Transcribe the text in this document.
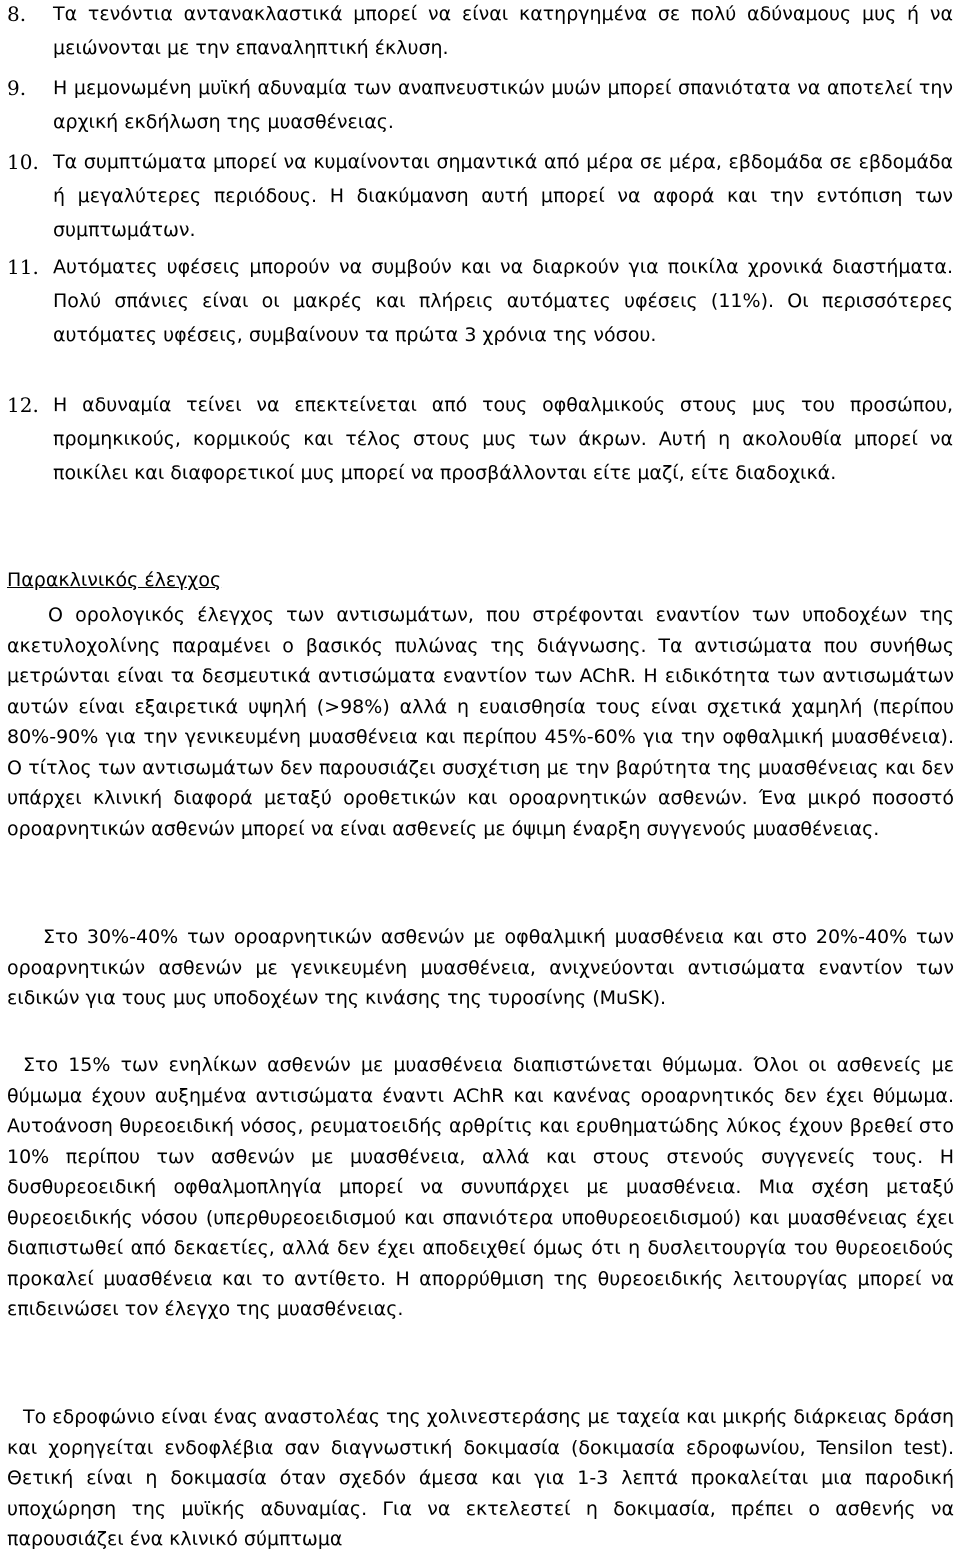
8. Τα τενόντια αντανακλαστικά μπορεί να είναι κατηργημένα σε πολύ αδύναμους μυς ή να μειώνονται με την επαναληπτική έκλυση.
9. Η μεμονωμένη μυϊκή αδυναμία των αναπνευστικών μυών μπορεί σπανιότατα να αποτελεί την αρχική εκδήλωση της μυασθένειας.
10. Τα συμπτώματα μπορεί να κυμαίνονται σημαντικά από μέρα σε μέρα, εβδομάδα σε εβδομάδα ή μεγαλύτερες περιόδους. Η διακύμανση αυτή μπορεί να αφορά και την εντόπιση των συμπτωμάτων.
11. Αυτόματες υφέσεις μπορούν να συμβούν και να διαρκούν για ποικίλα χρονικά διαστήματα. Πολύ σπάνιες είναι οι μακρές και πλήρεις αυτόματες υφέσεις (11%). Οι περισσότερες αυτόματες υφέσεις, συμβαίνουν τα πρώτα 3 χρόνια της νόσου.
12. Η αδυναμία τείνει να επεκτείνεται από τους οφθαλμικούς στους μυς του προσώπου, προμηκικούς, κορμικούς και τέλος στους μυς των άκρων. Αυτή η ακολουθία μπορεί να ποικίλει και διαφορετικοί μυς μπορεί να προσβάλλονται είτε μαζί, είτε διαδοχικά.
Παρακλινικός έλεγχος
Ο ορολογικός έλεγχος των αντισωμάτων, που στρέφονται εναντίον των υποδοχέων της ακετυλοχολίνης παραμένει ο βασικός πυλώνας της διάγνωσης. Τα αντισώματα που συνήθως μετρώνται είναι τα δεσμευτικά αντισώματα εναντίον των AChR. Η ειδικότητα των αντισωμάτων αυτών είναι εξαιρετικά υψηλή (>98%) αλλά η ευαισθησία τους είναι σχετικά χαμηλή (περίπου 80%-90% για την γενικευμένη μυασθένεια και περίπου 45%-60% για την οφθαλμική μυασθένεια). Ο τίτλος των αντισωμάτων δεν παρουσιάζει συσχέτιση με την βαρύτητα της μυασθένειας και δεν υπάρχει κλινική διαφορά μεταξύ οροθετικών και οροαρνητικών ασθενών. Ένα μικρό ποσοστό οροαρνητικών ασθενών μπορεί να είναι ασθενείς με όψιμη έναρξη συγγενούς μυασθένειας.
Στο 30%-40% των οροαρνητικών ασθενών με οφθαλμική μυασθένεια και στο 20%-40% των οροαρνητικών ασθενών με γενικευμένη μυασθένεια, ανιχνεύονται αντισώματα εναντίον των ειδικών για τους μυς υποδοχέων της κινάσης της τυροσίνης (MuSK).
Στο 15% των ενηλίκων ασθενών με μυασθένεια διαπιστώνεται θύμωμα. Όλοι οι ασθενείς με θύμωμα έχουν αυξημένα αντισώματα έναντι AChR και κανένας οροαρνητικός δεν έχει θύμωμα. Αυτοάνοση θυρεοειδική νόσος, ρευματοειδής αρθρίτις και ερυθηματώδης λύκος έχουν βρεθεί στο 10% περίπου των ασθενών με μυασθένεια, αλλά και στους στενούς συγγενείς τους. Η δυσθυρεοειδική οφθαλμοπληγία μπορεί να συνυπάρχει με μυασθένεια. Μια σχέση μεταξύ θυρεοειδικής νόσου (υπερθυρεοειδισμού και σπανιότερα υποθυρεοειδισμού) και μυασθένειας έχει διαπιστωθεί από δεκαετίες, αλλά δεν έχει αποδειχθεί όμως ότι η δυσλειτουργία του θυρεοειδούς προκαλεί μυασθένεια και το αντίθετο. Η απορρύθμιση της θυρεοειδικής λειτουργίας μπορεί να επιδεινώσει τον έλεγχο της μυασθένειας.
Το εδροφώνιο είναι ένας αναστολέας της χολινεστεράσης με ταχεία και μικρής διάρκειας δράση και χορηγείται ενδοφλέβια σαν διαγνωστική δοκιμασία (δοκιμασία εδροφωνίου, Tensilon test). Θετική είναι η δοκιμασία όταν σχεδόν άμεσα και για 1-3 λεπτά προκαλείται μια παροδική υποχώρηση της μυϊκής αδυναμίας. Για να εκτελεστεί η δοκιμασία, πρέπει ο ασθενής να παρουσιάζει ένα κλινικό σύμπτωμα
